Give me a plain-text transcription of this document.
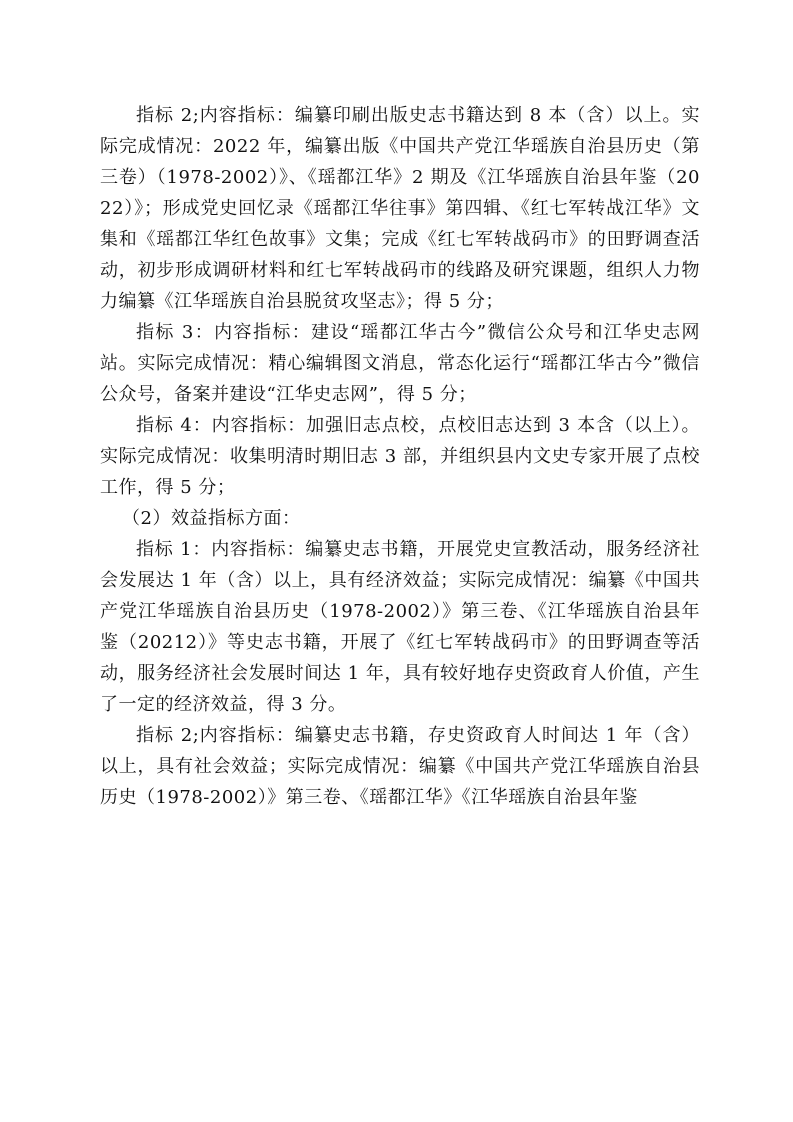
指标 2;内容指标：编纂印刷出版史志书籍达到 8 本（含）以上。实际完成情况：2022 年，编纂出版《中国共产党江华瑶族自治县历史（第三卷）（1978-2002）》、《瑶都江华》2 期及《江华瑶族自治县年鉴（2022）》；形成党史回忆录《瑶都江华往事》第四辑、《红七军转战江华》文集和《瑶都江华红色故事》文集；完成《红七军转战码市》的田野调查活动，初步形成调研材料和红七军转战码市的线路及研究课题，组织人力物力编纂《江华瑶族自治县脱贫攻坚志》；得 5 分；

指标 3：内容指标：建设“瑶都江华古今”微信公众号和江华史志网站。实际完成情况：精心编辑图文消息，常态化运行“瑶都江华古今”微信公众号，备案并建设“江华史志网”，得 5 分；

指标 4：内容指标：加强旧志点校，点校旧志达到 3 本含（以上）。实际完成情况：收集明清时期旧志 3 部，并组织县内文史专家开展了点校工作，得 5 分；

（2）效益指标方面：

指标 1：内容指标：编纂史志书籍，开展党史宣教活动，服务经济社会发展达 1 年（含）以上，具有经济效益；实际完成情况：编纂《中国共产党江华瑶族自治县历史（1978-2002）》第三卷、《江华瑶族自治县年鉴（20212）》等史志书籍，开展了《红七军转战码市》的田野调查等活动，服务经济社会发展时间达 1 年，具有较好地存史资政育人价值，产生了一定的经济效益，得 3 分。

指标 2;内容指标：编纂史志书籍，存史资政育人时间达 1 年（含）以上，具有社会效益；实际完成情况：编纂《中国共产党江华瑶族自治县历史（1978-2002）》第三卷、《瑶都江华》《江华瑶族自治县年鉴
